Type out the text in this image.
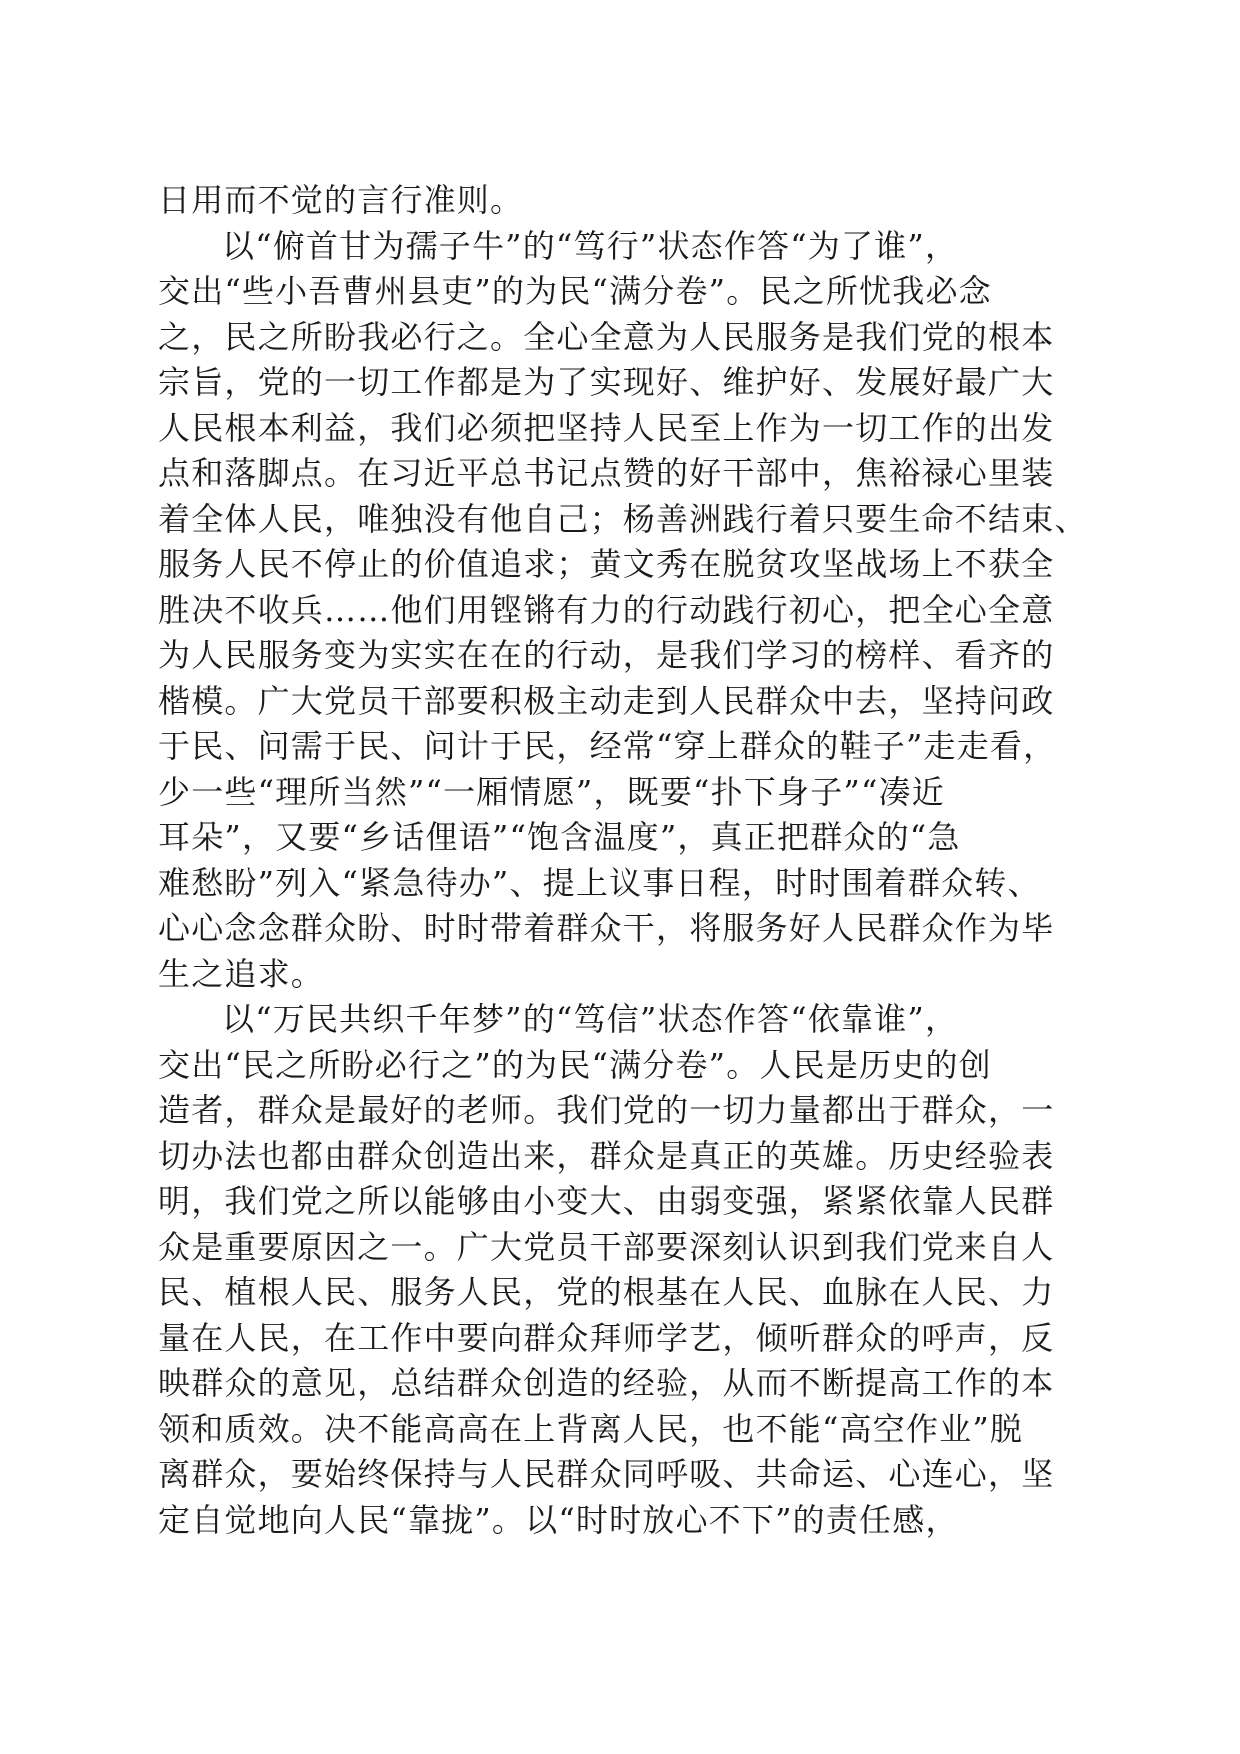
日用而不觉的言行准则。
以“俯首甘为孺子牛”的“笃行”状态作答“为了谁”，
交出“些小吾曹州县吏”的为民“满分卷”。民之所忧我必念
之，民之所盼我必行之。全心全意为人民服务是我们党的根本
宗旨，党的一切工作都是为了实现好、维护好、发展好最广大
人民根本利益，我们必须把坚持人民至上作为一切工作的出发
点和落脚点。在习近平总书记点赞的好干部中，焦裕禄心里装
着全体人民，唯独没有他自己；杨善洲践行着只要生命不结束、
服务人民不停止的价值追求；黄文秀在脱贫攻坚战场上不获全
胜决不收兵……他们用铿锵有力的行动践行初心，把全心全意
为人民服务变为实实在在的行动，是我们学习的榜样、看齐的
楷模。广大党员干部要积极主动走到人民群众中去，坚持问政
于民、问需于民、问计于民，经常“穿上群众的鞋子”走走看，
少一些“理所当然”“一厢情愿”，既要“扑下身子”“凑近
耳朵”，又要“乡话俚语”“饱含温度”，真正把群众的“急
难愁盼”列入“紧急待办”、提上议事日程，时时围着群众转、
心心念念群众盼、时时带着群众干，将服务好人民群众作为毕
生之追求。
以“万民共织千年梦”的“笃信”状态作答“依靠谁”，
交出“民之所盼必行之”的为民“满分卷”。人民是历史的创
造者，群众是最好的老师。我们党的一切力量都出于群众，一
切办法也都由群众创造出来，群众是真正的英雄。历史经验表
明，我们党之所以能够由小变大、由弱变强，紧紧依靠人民群
众是重要原因之一。广大党员干部要深刻认识到我们党来自人
民、植根人民、服务人民，党的根基在人民、血脉在人民、力
量在人民，在工作中要向群众拜师学艺，倾听群众的呼声，反
映群众的意见，总结群众创造的经验，从而不断提高工作的本
领和质效。决不能高高在上背离人民，也不能“高空作业”脱
离群众，要始终保持与人民群众同呼吸、共命运、心连心，坚
定自觉地向人民“靠拢”。以“时时放心不下”的责任感，
